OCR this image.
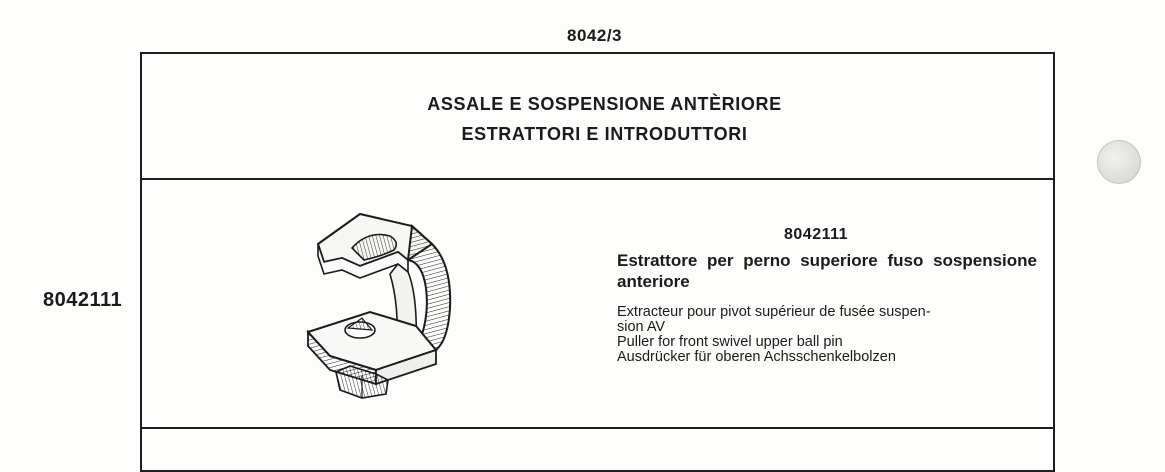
8042/3
8042111
ASSALE E SOSPENSIONE ANTÈRIORE
ESTRATTORI E INTRODUTTORI
8042111
Estrattore per perno superiore fuso sospensione anteriore
Extracteur pour pivot supérieur de fusée suspen-
sion AV
Puller for front swivel upper ball pin
Ausdrücker für oberen Achsschenkelbolzen
